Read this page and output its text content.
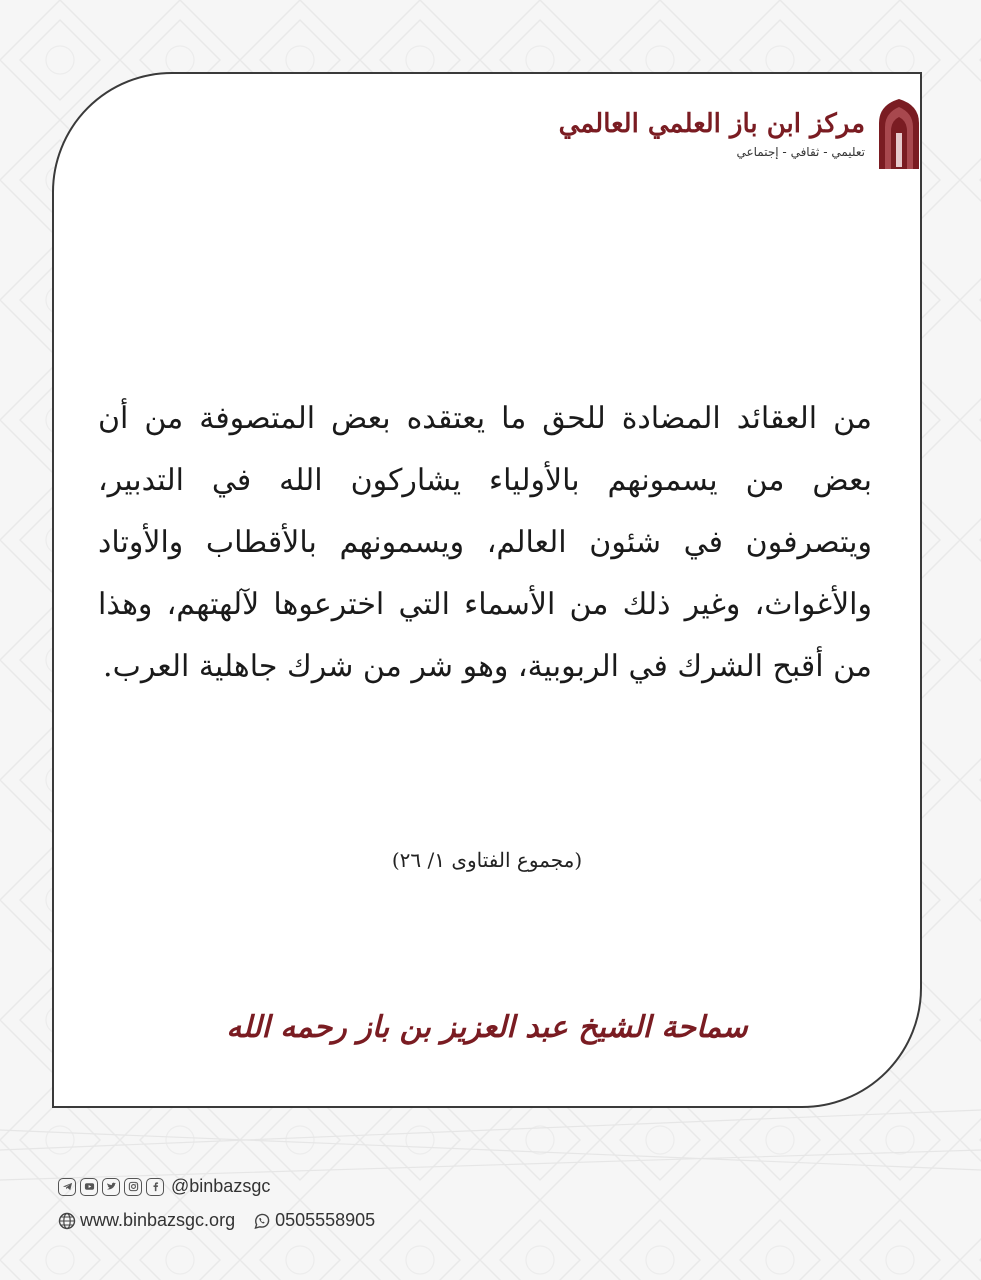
مركز ابن باز العلمي العالمي
تعليمي - ثقافي - إجتماعي
من العقائد المضادة للحق ما يعتقده بعض المتصوفة من أن بعض من يسمونهم بالأولياء يشاركون الله في التدبير، ويتصرفون في شئون العالم، ويسمونهم بالأقطاب والأوتاد والأغواث، وغير ذلك من الأسماء التي اخترعوها لآلهتهم، وهذا من أقبح الشرك في الربوبية، وهو شر من شرك جاهلية العرب.
(مجموع الفتاوى ١/ ٢٦)
سماحة الشيخ عبد العزيز بن باز رحمه الله
@binbazsgc
www.binbazsgc.org 0505558905
